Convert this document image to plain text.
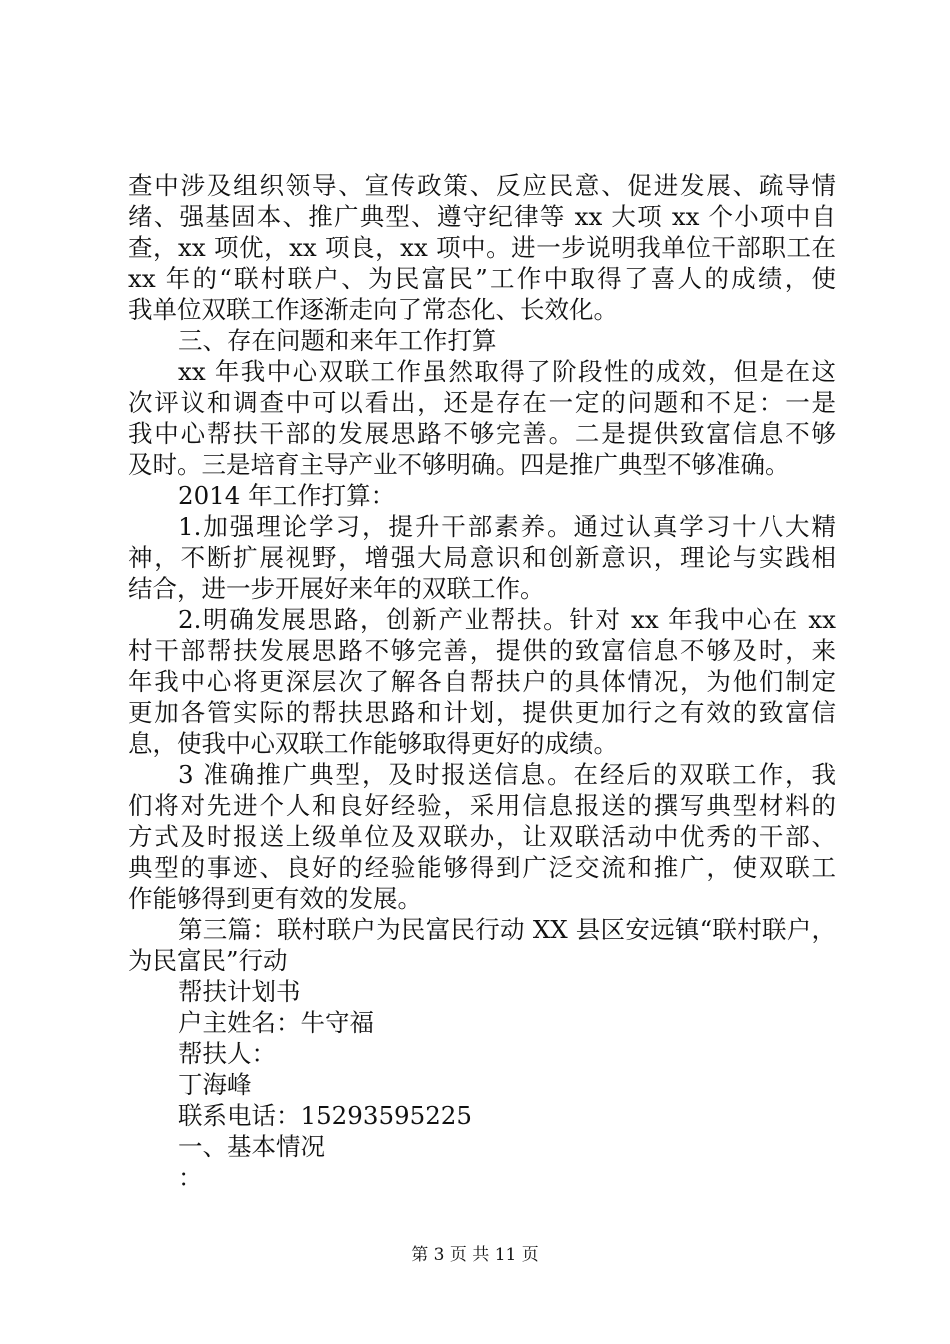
查中涉及组织领导、宣传政策、反应民意、促进发展、疏导情
绪、强基固本、推广典型、遵守纪律等 xx 大项 xx 个小项中自
查，xx 项优，xx 项良，xx 项中。进一步说明我单位干部职工在
xx 年的“联村联户、为民富民”工作中取得了喜人的成绩，使
我单位双联工作逐渐走向了常态化、长效化。
三、存在问题和来年工作打算
xx 年我中心双联工作虽然取得了阶段性的成效，但是在这
次评议和调查中可以看出，还是存在一定的问题和不足：一是
我中心帮扶干部的发展思路不够完善。二是提供致富信息不够
及时。三是培育主导产业不够明确。四是推广典型不够准确。
2014 年工作打算：
1.加强理论学习，提升干部素养。通过认真学习十八大精
神，不断扩展视野，增强大局意识和创新意识，理论与实践相
结合，进一步开展好来年的双联工作。
2.明确发展思路，创新产业帮扶。针对 xx 年我中心在 xx
村干部帮扶发展思路不够完善，提供的致富信息不够及时，来
年我中心将更深层次了解各自帮扶户的具体情况，为他们制定
更加各管实际的帮扶思路和计划，提供更加行之有效的致富信
息，使我中心双联工作能够取得更好的成绩。
3 准确推广典型，及时报送信息。在经后的双联工作，我
们将对先进个人和良好经验，采用信息报送的撰写典型材料的
方式及时报送上级单位及双联办，让双联活动中优秀的干部、
典型的事迹、良好的经验能够得到广泛交流和推广，使双联工
作能够得到更有效的发展。
第三篇：联村联户为民富民行动 XX 县区安远镇“联村联户，
为民富民”行动
帮扶计划书
户主姓名：牛守福
帮扶人：
丁海峰
联系电话：15293595225
一、基本情况
：
第 3 页 共 11 页
